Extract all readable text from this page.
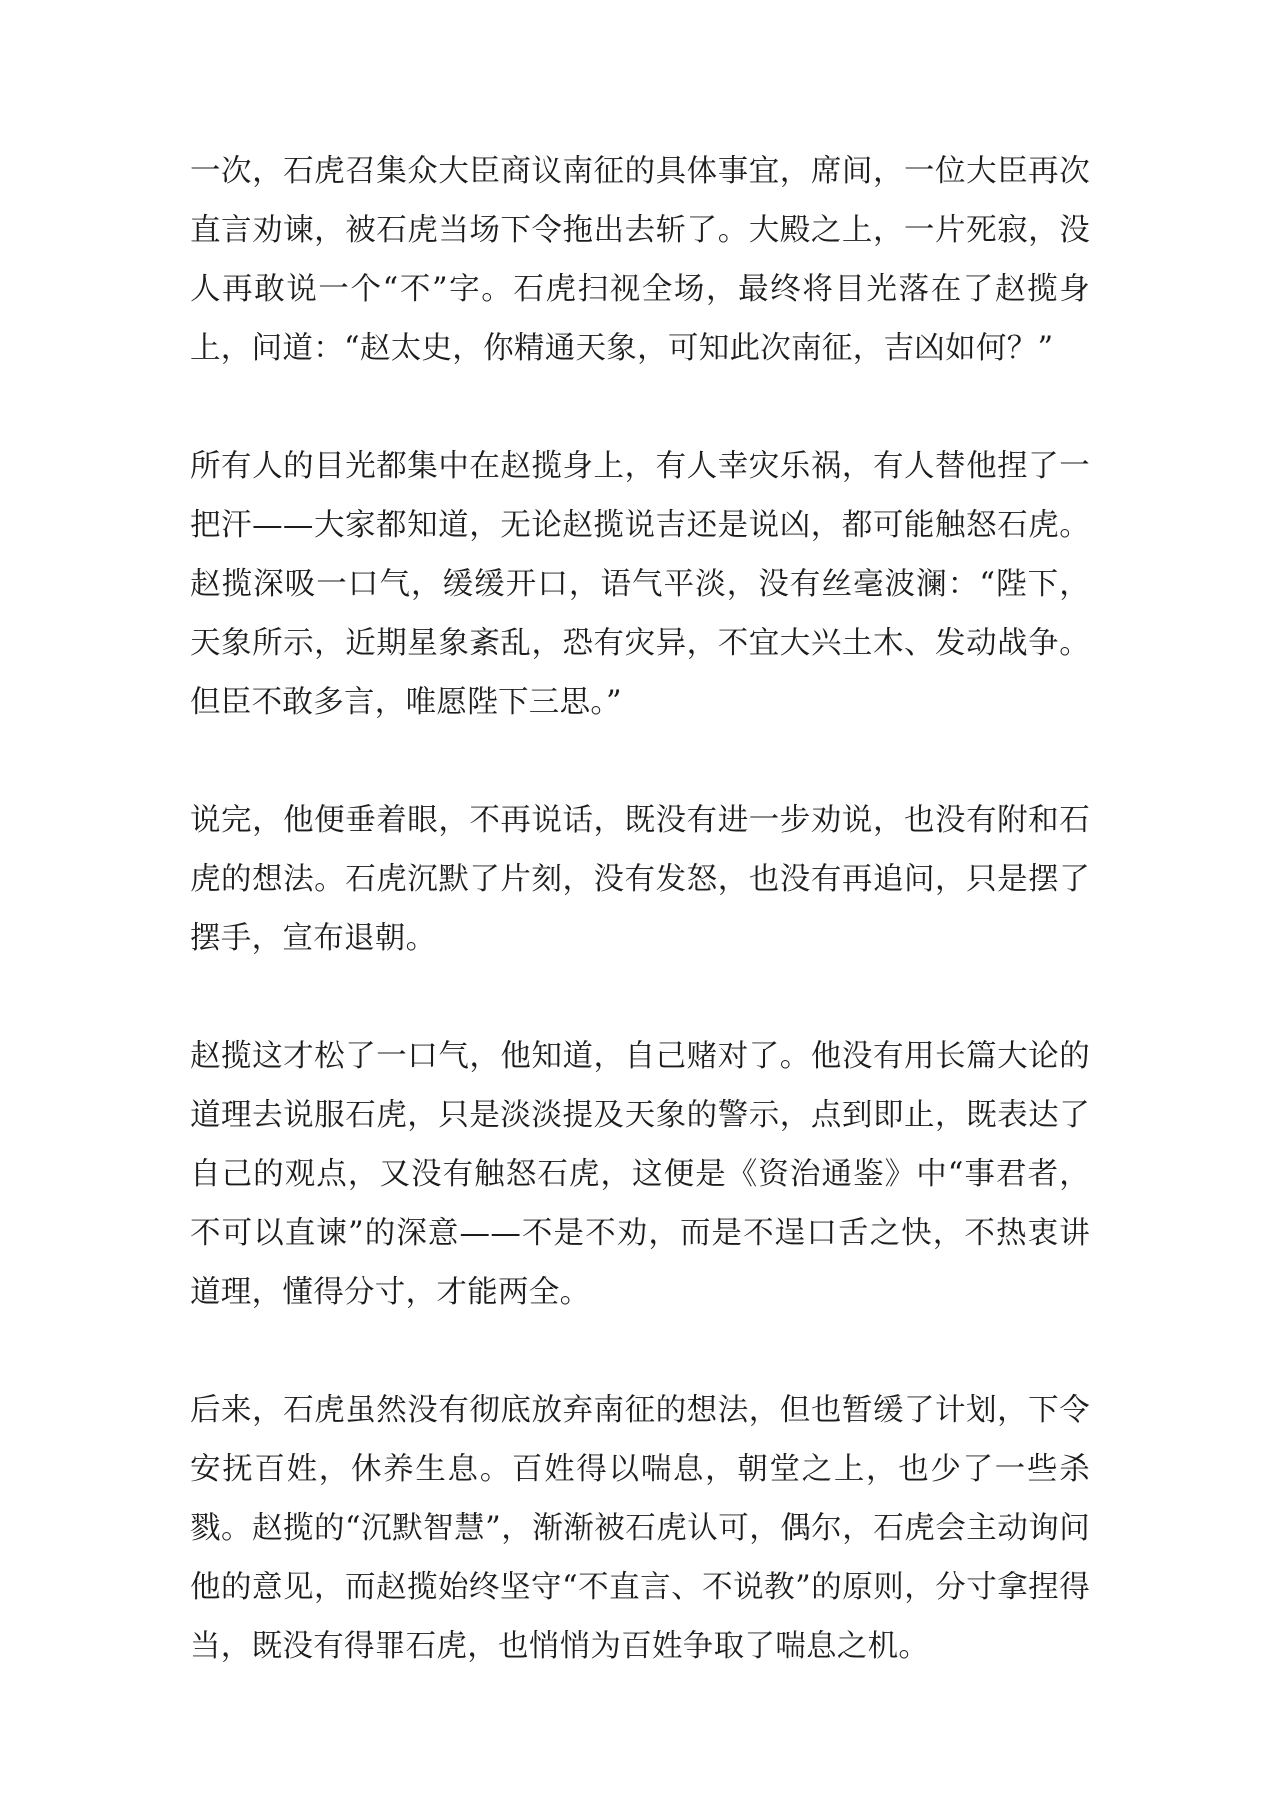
一次，石虎召集众大臣商议南征的具体事宜，席间，一位大臣再次直言劝谏，被石虎当场下令拖出去斩了。大殿之上，一片死寂，没人再敢说一个“不”字。石虎扫视全场，最终将目光落在了赵揽身上，问道：“赵太史，你精通天象，可知此次南征，吉凶如何？”

所有人的目光都集中在赵揽身上，有人幸灾乐祸，有人替他捏了一把汗——大家都知道，无论赵揽说吉还是说凶，都可能触怒石虎。赵揽深吸一口气，缓缓开口，语气平淡，没有丝毫波澜：“陛下，天象所示，近期星象紊乱，恐有灾异，不宜大兴土木、发动战争。但臣不敢多言，唯愿陛下三思。”

说完，他便垂着眼，不再说话，既没有进一步劝说，也没有附和石虎的想法。石虎沉默了片刻，没有发怒，也没有再追问，只是摆了摆手，宣布退朝。

赵揽这才松了一口气，他知道，自己赌对了。他没有用长篇大论的道理去说服石虎，只是淡淡提及天象的警示，点到即止，既表达了自己的观点，又没有触怒石虎，这便是《资治通鉴》中“事君者，不可以直谏”的深意——不是不劝，而是不逞口舌之快，不热衷讲道理，懂得分寸，才能两全。

后来，石虎虽然没有彻底放弃南征的想法，但也暂缓了计划，下令安抚百姓，休养生息。百姓得以喘息，朝堂之上，也少了一些杀戮。赵揽的“沉默智慧”，渐渐被石虎认可，偶尔，石虎会主动询问他的意见，而赵揽始终坚守“不直言、不说教”的原则，分寸拿捏得当，既没有得罪石虎，也悄悄为百姓争取了喘息之机。
